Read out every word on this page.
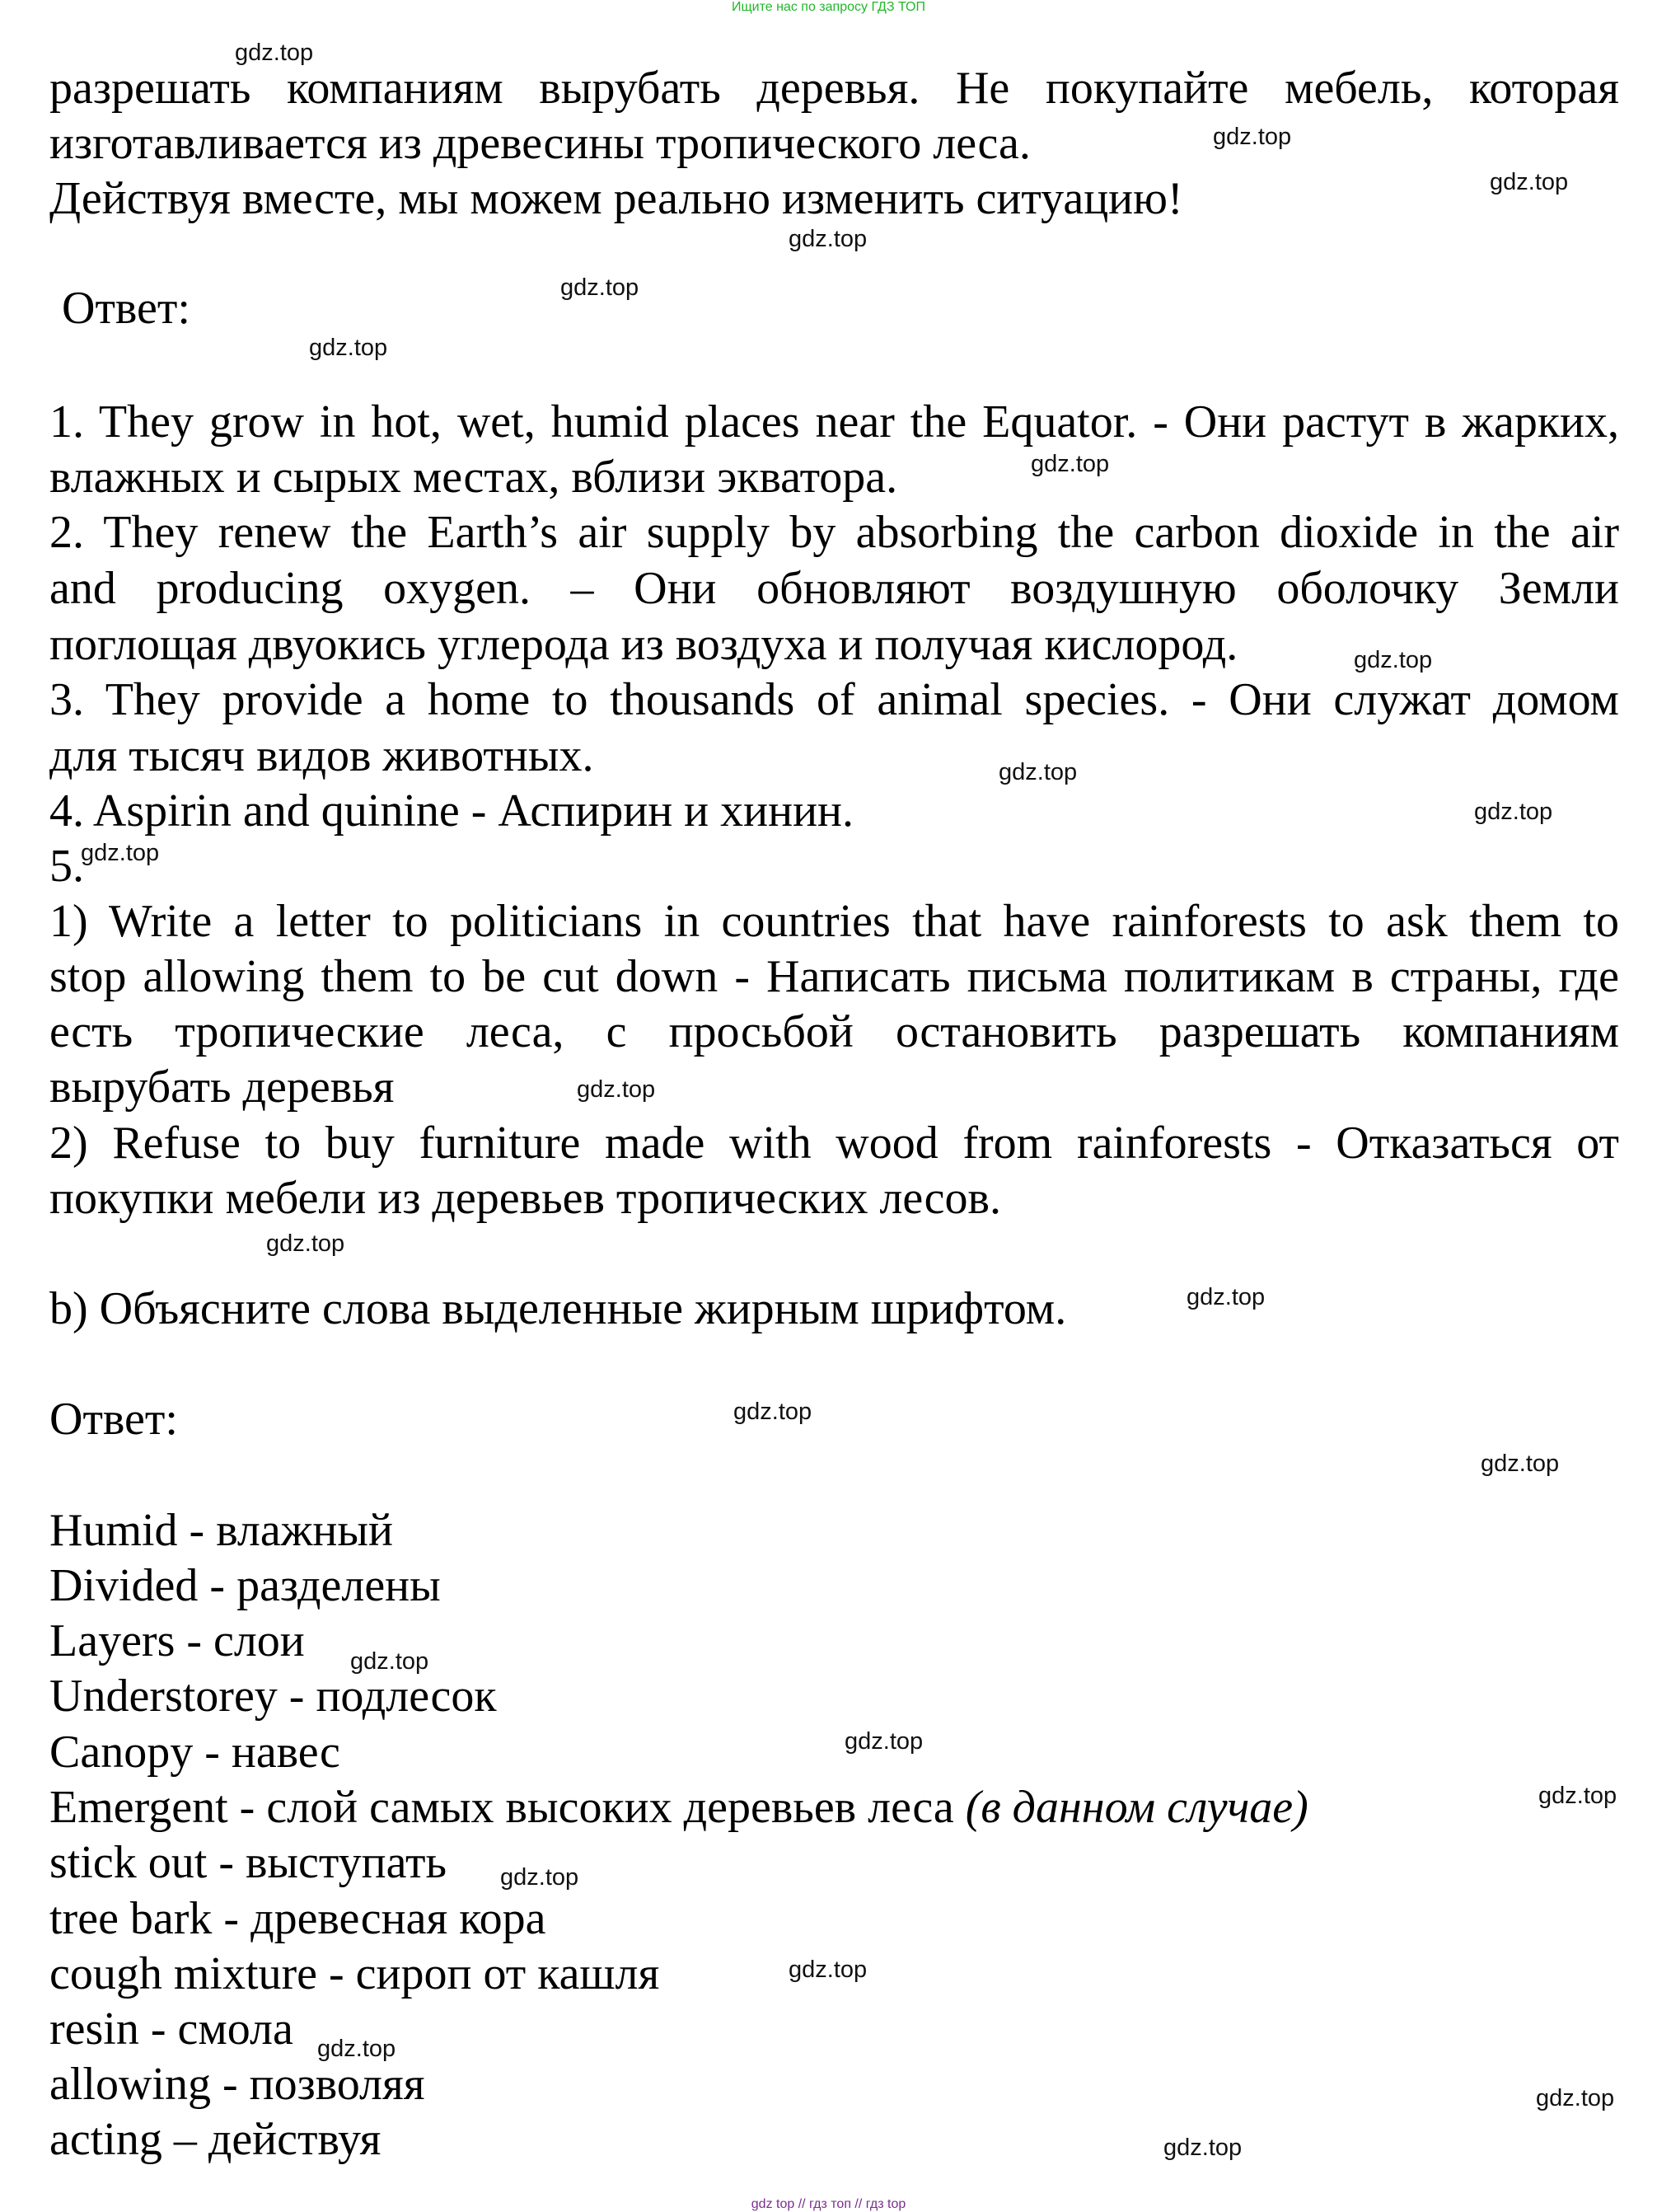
Ищите нас по запросу ГДЗ ТОП
разрешать компаниям вырубать деревья. Не покупайте мебель, которая
изготавливается из древесины тропического леса.
Действуя вместе, мы можем реально изменить ситуацию!
Ответ:
1. They grow in hot, wet, humid places near the Equator. - Они растут в жарких,
влажных и сырых местах, вблизи экватора.
2. They renew the Earth’s air supply by absorbing the carbon dioxide in the air
and producing oxygen. – Они обновляют воздушную оболочку Земли
поглощая двуокись углерода из воздуха и получая кислород.
3. They provide a home to thousands of animal species. - Они служат домом
для тысяч видов животных.
4. Aspirin and quinine - Аспирин и хинин.
5.
1) Write a letter to politicians in countries that have rainforests to ask them to
stop allowing them to be cut down - Написать письма политикам в страны, где
есть тропические леса, с просьбой остановить разрешать компаниям
вырубать деревья
2) Refuse to buy furniture made with wood from rainforests - Отказаться от
покупки мебели из деревьев тропических лесов.
b) Объясните слова выделенные жирным шрифтом.
Ответ:
Humid - влажный
Divided - разделены
Layers - слои
Understorey - подлесок
Canopy - навес
Emergent - слой самых высоких деревьев леса (в данном случае)
stick out - выступать
tree bark - древесная кора
cough mixture - сироп от кашля
resin - смола
allowing - позволяя
acting – действуя
gdz.top
gdz.top
gdz.top
gdz.top
gdz.top
gdz.top
gdz.top
gdz.top
gdz.top
gdz.top
gdz.top
gdz.top
gdz.top
gdz.top
gdz.top
gdz.top
gdz.top
gdz.top
gdz.top
gdz.top
gdz.top
gdz.top
gdz.top
gdz.top
gdz top // гдз топ // гдз top
